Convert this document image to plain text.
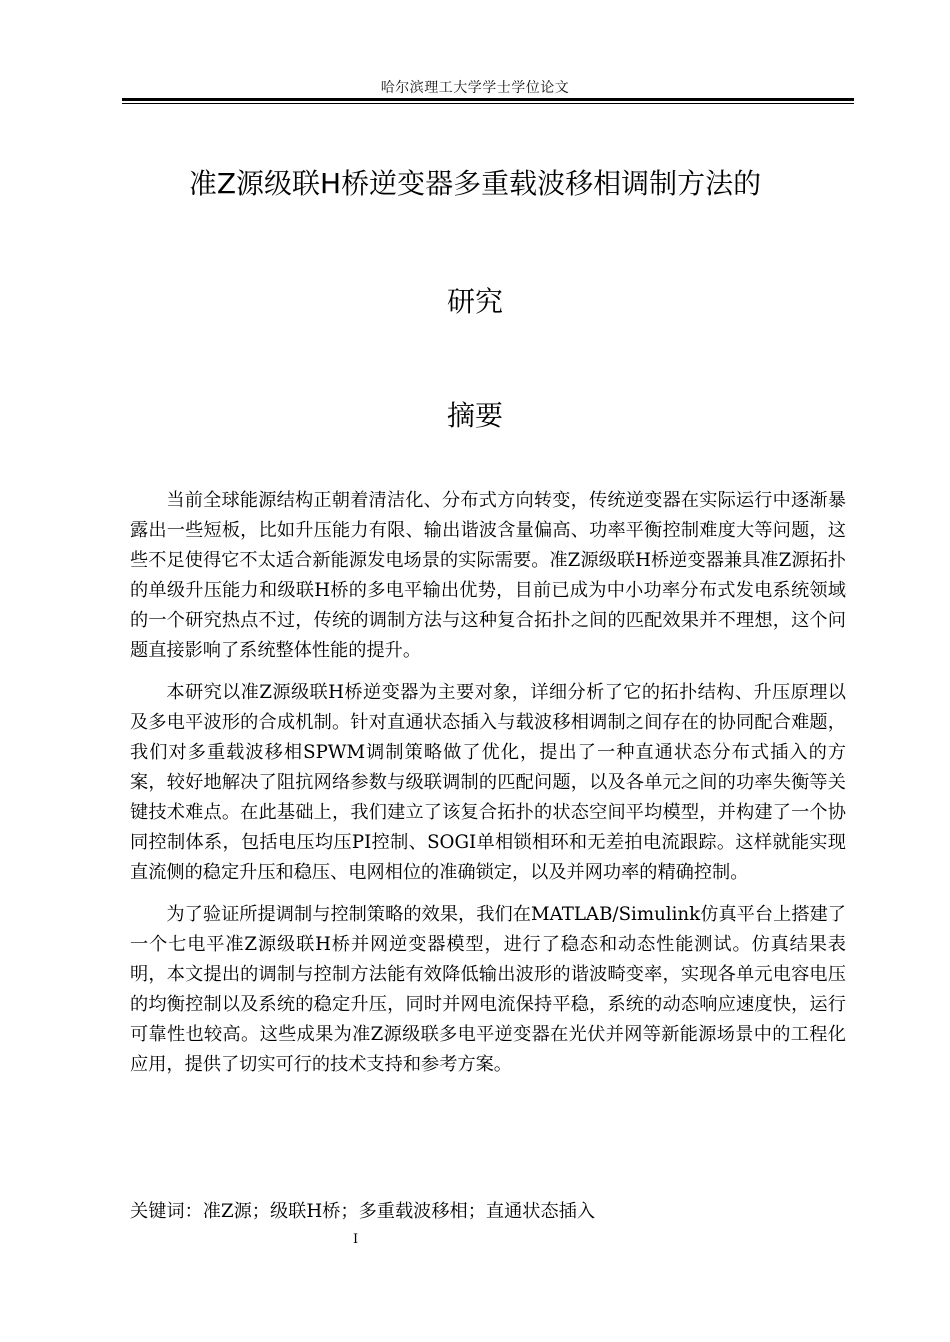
哈尔滨理工大学学士学位论文
准Z源级联H桥逆变器多重载波移相调制方法的
研究
摘要

当前全球能源结构正朝着清洁化、分布式方向转变，传统逆变器在实际运行中逐渐暴露出一些短板，比如升压能力有限、输出谐波含量偏高、功率平衡控制难度大等问题，这些不足使得它不太适合新能源发电场景的实际需要。准Z源级联H桥逆变器兼具准Z源拓扑的单级升压能力和级联H桥的多电平输出优势，目前已成为中小功率分布式发电系统领域的一个研究热点不过，传统的调制方法与这种复合拓扑之间的匹配效果并不理想，这个问题直接影响了系统整体性能的提升。

本研究以准Z源级联H桥逆变器为主要对象，详细分析了它的拓扑结构、升压原理以及多电平波形的合成机制。针对直通状态插入与载波移相调制之间存在的协同配合难题，我们对多重载波移相SPWM调制策略做了优化，提出了一种直通状态分布式插入的方案，较好地解决了阻抗网络参数与级联调制的匹配问题，以及各单元之间的功率失衡等关键技术难点。在此基础上，我们建立了该复合拓扑的状态空间平均模型，并构建了一个协同控制体系，包括电压均压PI控制、SOGI单相锁相环和无差拍电流跟踪。这样就能实现直流侧的稳定升压和稳压、电网相位的准确锁定，以及并网功率的精确控制。

为了验证所提调制与控制策略的效果，我们在MATLAB/Simulink仿真平台上搭建了一个七电平准Z源级联H桥并网逆变器模型，进行了稳态和动态性能测试。仿真结果表明，本文提出的调制与控制方法能有效降低输出波形的谐波畸变率，实现各单元电容电压的均衡控制以及系统的稳定升压，同时并网电流保持平稳，系统的动态响应速度快，运行可靠性也较高。这些成果为准Z源级联多电平逆变器在光伏并网等新能源场景中的工程化应用，提供了切实可行的技术支持和参考方案。

关键词：准Z源；级联H桥；多重载波移相；直通状态插入
I
